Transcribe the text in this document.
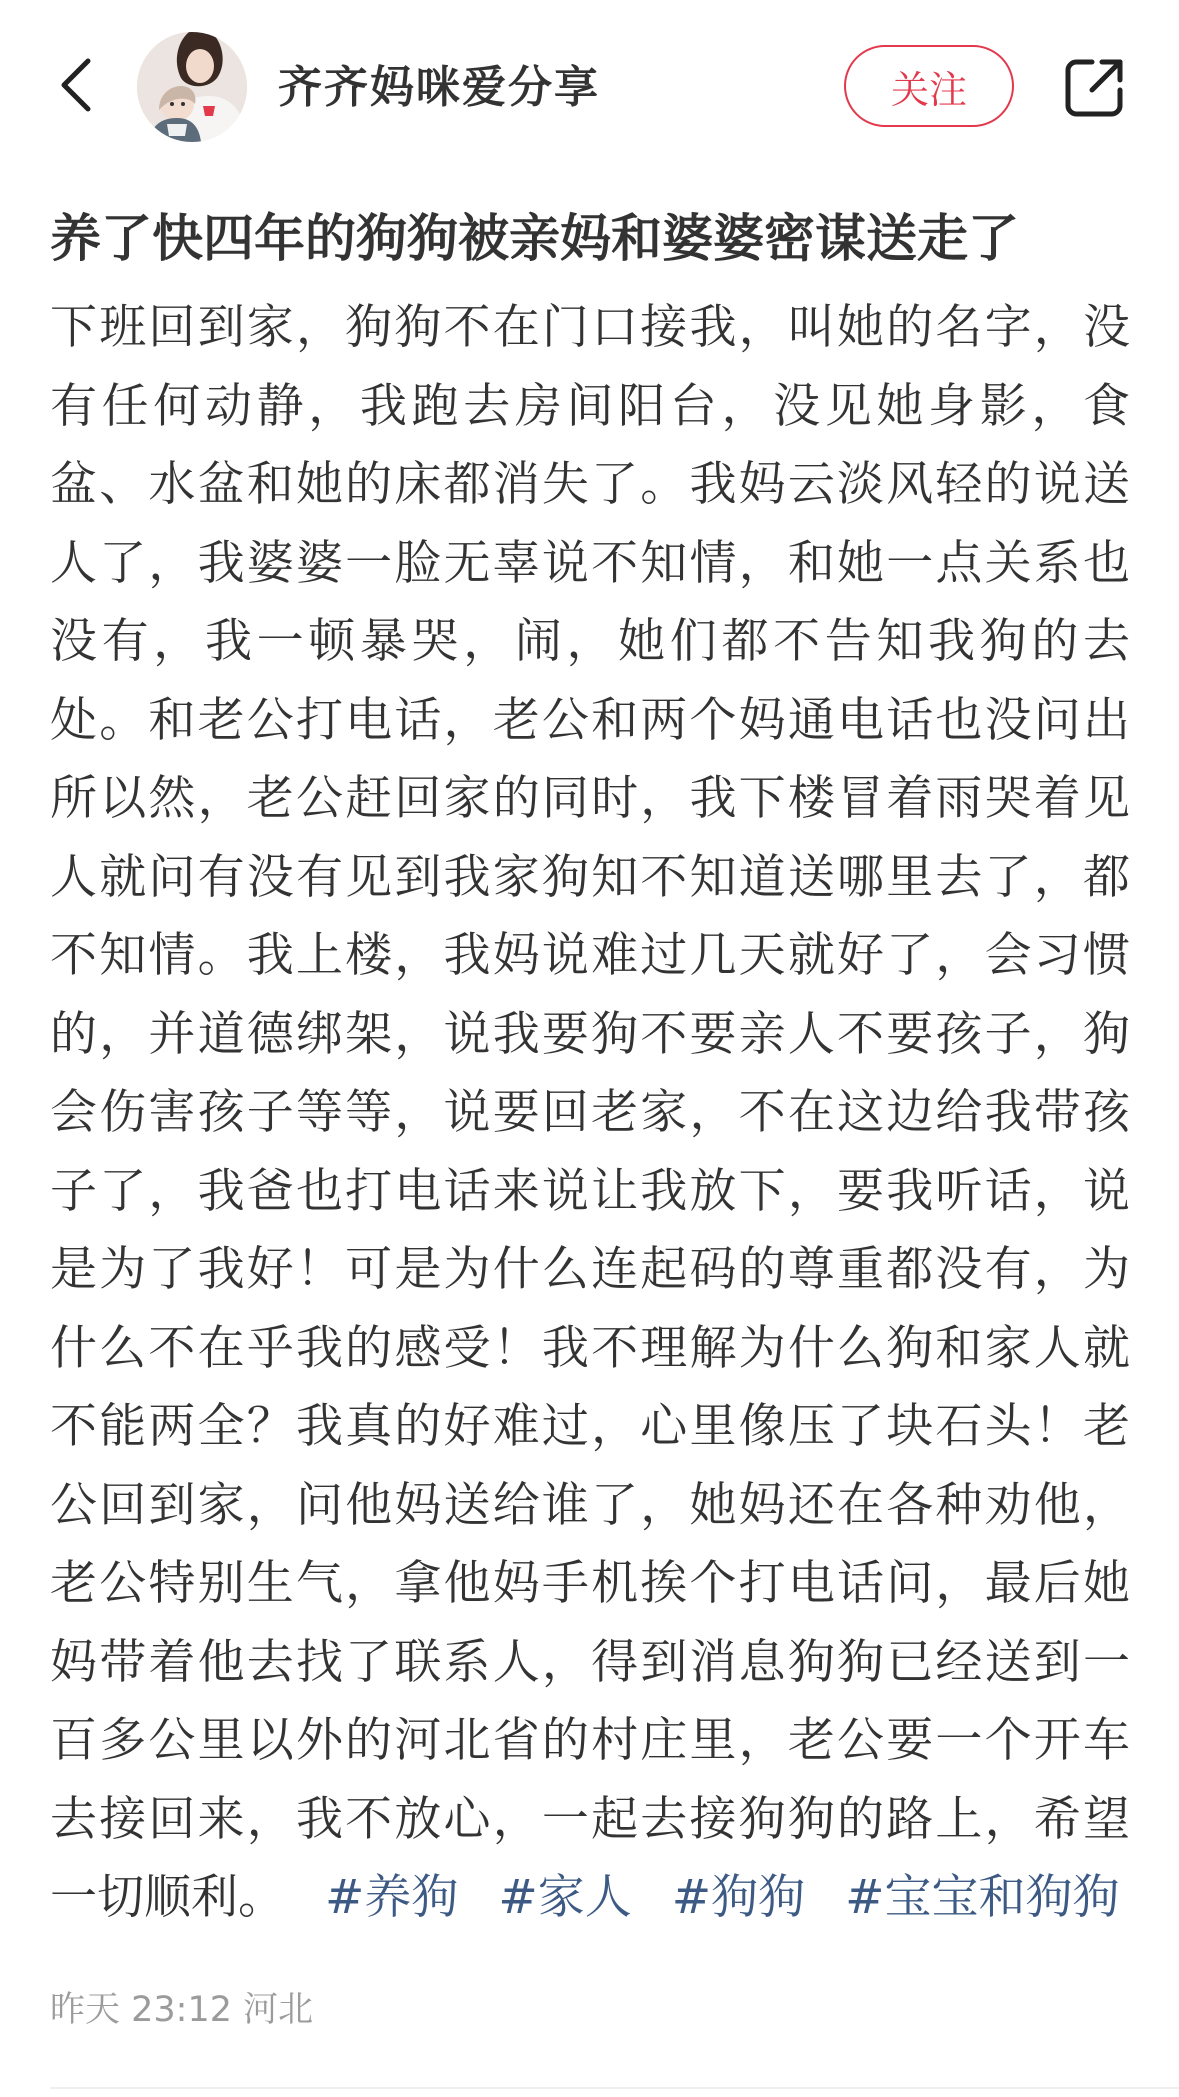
齐齐妈咪爱分享	关注
养了快四年的狗狗被亲妈和婆婆密谋送走了

下班回到家，狗狗不在门口接我，叫她的名字，没有任何动静，我跑去房间阳台，没见她身影，食盆、水盆和她的床都消失了。我妈云淡风轻的说送人了，我婆婆一脸无辜说不知情，和她一点关系也没有，我一顿暴哭，闹，她们都不告知我狗的去处。和老公打电话，老公和两个妈通电话也没问出所以然，老公赶回家的同时，我下楼冒着雨哭着见人就问有没有见到我家狗知不知道送哪里去了，都不知情。我上楼，我妈说难过几天就好了，会习惯的，并道德绑架，说我要狗不要亲人不要孩子，狗会伤害孩子等等，说要回老家，不在这边给我带孩子了，我爸也打电话来说让我放下，要我听话，说是为了我好！可是为什么连起码的尊重都没有，为什么不在乎我的感受！我不理解为什么狗和家人就不能两全？我真的好难过，心里像压了块石头！老公回到家，问他妈送给谁了，她妈还在各种劝他，老公特别生气，拿他妈手机挨个打电话问，最后她妈带着他去找了联系人，得到消息狗狗已经送到一百多公里以外的河北省的村庄里，老公要一个开车去接回来，我不放心，一起去接狗狗的路上，希望一切顺利。 #养狗 #家人 #狗狗 #宝宝和狗狗

昨天 23:12 河北
